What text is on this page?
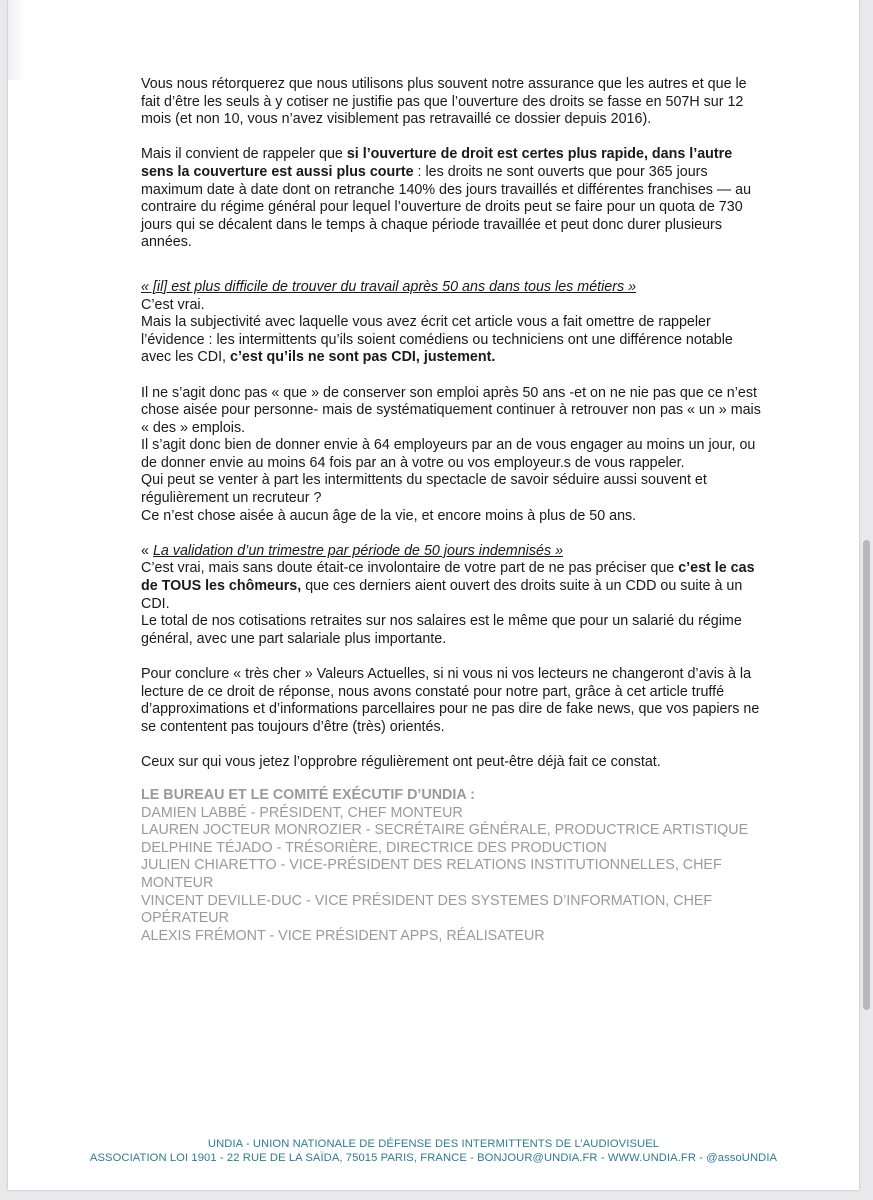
Vous nous rétorquerez que nous utilisons plus souvent notre assurance que les autres et que le fait d’être les seuls à y cotiser ne justifie pas que l’ouverture des droits se fasse en 507H sur 12 mois (et non 10, vous n’avez visiblement pas retravaillé ce dossier depuis 2016).

Mais il convient de rappeler que si l’ouverture de droit est certes plus rapide, dans l’autre sens la couverture est aussi plus courte : les droits ne sont ouverts que pour 365 jours maximum date à date dont on retranche 140% des jours travaillés et différentes franchises — au contraire du régime général pour lequel l’ouverture de droits peut se faire pour un quota de 730 jours qui se décalent dans le temps à chaque période travaillée et peut donc durer plusieurs années.

« [il] est plus difficile de trouver du travail après 50 ans dans tous les métiers »
C’est vrai.
Mais la subjectivité avec laquelle vous avez écrit cet article vous a fait omettre de rappeler l’évidence : les intermittents qu’ils soient comédiens ou techniciens ont une différence notable avec les CDI, c’est qu’ils ne sont pas CDI, justement.

Il ne s’agit donc pas « que » de conserver son emploi après 50 ans -et on ne nie pas que ce n’est chose aisée pour personne- mais de systématiquement continuer à retrouver non pas « un » mais « des » emplois.
Il s’agit donc bien de donner envie à 64 employeurs par an de vous engager au moins un jour, ou de donner envie au moins 64 fois par an à votre ou vos employeur.s de vous rappeler.
Qui peut se venter à part les intermittents du spectacle de savoir séduire aussi souvent et régulièrement un recruteur ?
Ce n’est chose aisée à aucun âge de la vie, et encore moins à plus de 50 ans.

« La validation d’un trimestre par période de 50 jours indemnisés »
C’est vrai, mais sans doute était-ce involontaire de votre part de ne pas préciser que c’est le cas de TOUS les chômeurs, que ces derniers aient ouvert des droits suite à un CDD ou suite à un CDI.
Le total de nos cotisations retraites sur nos salaires est le même que pour un salarié du régime général, avec une part salariale plus importante.

Pour conclure « très cher » Valeurs Actuelles, si ni vous ni vos lecteurs ne changeront d’avis à la lecture de ce droit de réponse, nous avons constaté pour notre part, grâce à cet article truffé d’approximations et d’informations parcellaires pour ne pas dire de fake news, que vos papiers ne se contentent pas toujours d’être (très) orientés.

Ceux sur qui vous jetez l’opprobre régulièrement ont peut-être déjà fait ce constat.

LE BUREAU ET LE COMITÉ EXÉCUTIF D’UNDIA :
DAMIEN LABBÉ - PRÉSIDENT, CHEF MONTEUR
LAUREN JOCTEUR MONROZIER - SECRÉTAIRE GÉNÉRALE, PRODUCTRICE ARTISTIQUE
DELPHINE TÉJADO - TRÉSORIÈRE, DIRECTRICE DES PRODUCTION
JULIEN CHIARETTO - VICE-PRÉSIDENT DES RELATIONS INSTITUTIONNELLES, CHEF MONTEUR
VINCENT DEVILLE-DUC - VICE PRÉSIDENT DES SYSTEMES D’INFORMATION, CHEF OPÉRATEUR
ALEXIS FRÉMONT - VICE PRÉSIDENT APPS, RÉALISATEUR
UNDIA - UNION NATIONALE DE DÉFENSE DES INTERMITTENTS DE L’AUDIOVISUEL
ASSOCIATION LOI 1901 - 22 RUE DE LA SAÏDA, 75015 PARIS, FRANCE - BONJOUR@UNDIA.FR - WWW.UNDIA.FR - @assoUNDIA
